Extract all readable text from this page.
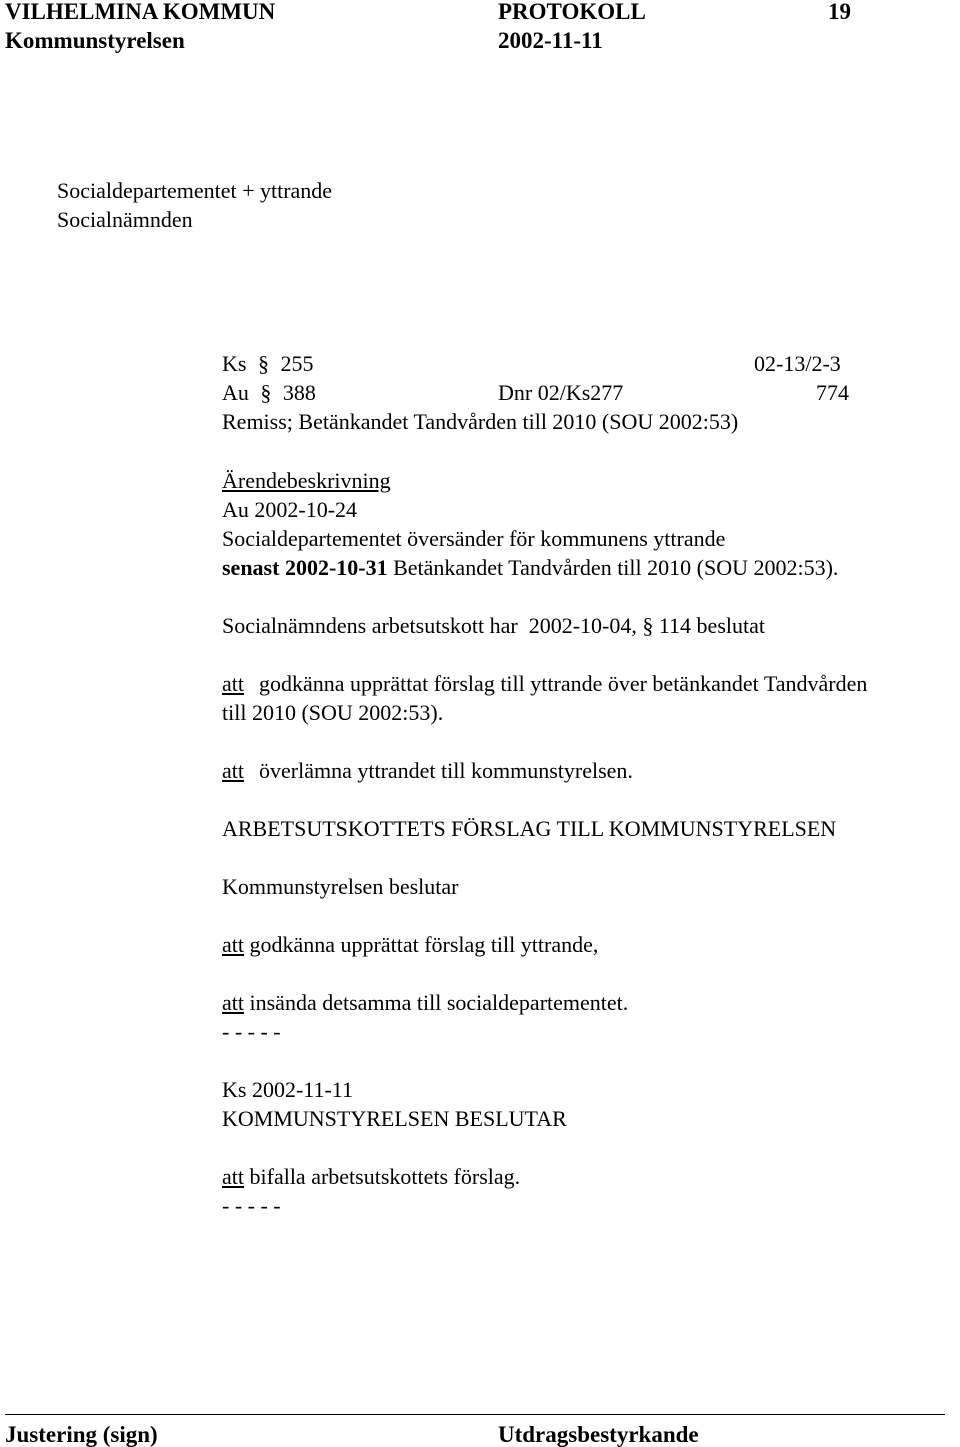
VILHELMINA KOMMUN	PROTOKOLL	19
Kommunstyrelsen	2002-11-11
Socialdepartementet + yttrande
Socialnämnden
Ks § 255	02-13/2-3
Au § 388	Dnr 02/Ks277	774
Remiss; Betänkandet Tandvården till 2010 (SOU 2002:53)
Ärendebeskrivning
Au 2002-10-24
Socialdepartementet översänder för kommunens yttrande
senast 2002-10-31 Betänkandet Tandvården till 2010 (SOU 2002:53).
Socialnämndens arbetsutskott har  2002-10-04, § 114 beslutat
att godkänna upprättat förslag till yttrande över betänkandet Tandvården
till 2010 (SOU 2002:53).
att överlämna yttrandet till kommunstyrelsen.
ARBETSUTSKOTTETS FÖRSLAG TILL KOMMUNSTYRELSEN
Kommunstyrelsen beslutar
att godkänna upprättat förslag till yttrande,
att insända detsamma till socialdepartementet.
- - - - -
Ks 2002-11-11
KOMMUNSTYRELSEN BESLUTAR
att bifalla arbetsutskottets förslag.
- - - - -
Justering (sign)	Utdragsbestyrkande
